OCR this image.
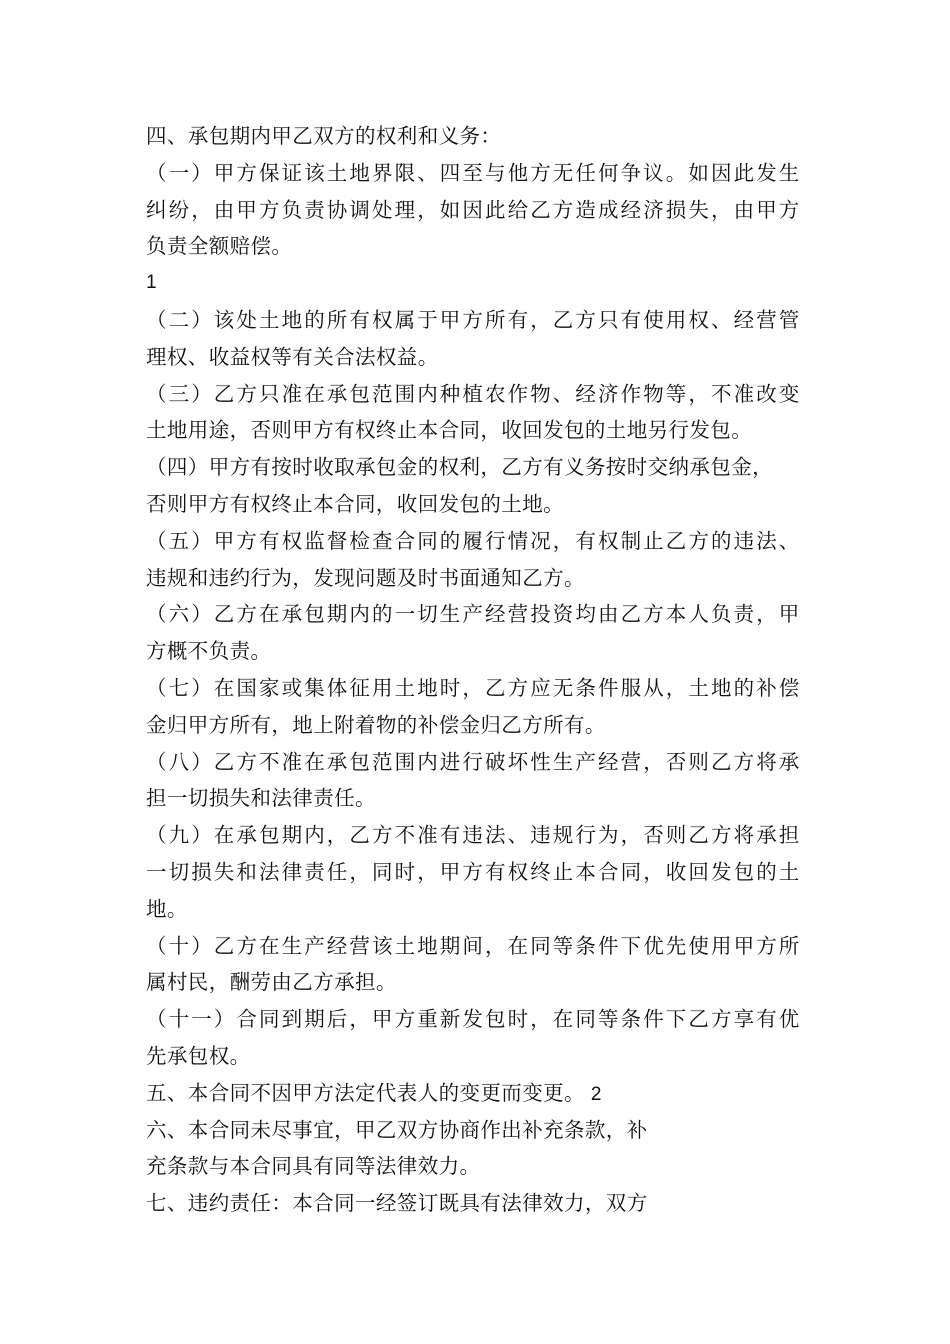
四、承包期内甲乙双方的权利和义务：
（一）甲方保证该土地界限、四至与他方无任何争议。如因此发生
纠纷，由甲方负责协调处理，如因此给乙方造成经济损失，由甲方
负责全额赔偿。
1
（二）该处土地的所有权属于甲方所有，乙方只有使用权、经营管
理权、收益权等有关合法权益。
（三）乙方只准在承包范围内种植农作物、经济作物等，不准改变
土地用途，否则甲方有权终止本合同，收回发包的土地另行发包。
（四）甲方有按时收取承包金的权利，乙方有义务按时交纳承包金，
否则甲方有权终止本合同，收回发包的土地。
（五）甲方有权监督检查合同的履行情况，有权制止乙方的违法、
违规和违约行为，发现问题及时书面通知乙方。
（六）乙方在承包期内的一切生产经营投资均由乙方本人负责，甲
方概不负责。
（七）在国家或集体征用土地时，乙方应无条件服从，土地的补偿
金归甲方所有，地上附着物的补偿金归乙方所有。
（八）乙方不准在承包范围内进行破坏性生产经营，否则乙方将承
担一切损失和法律责任。
（九）在承包期内，乙方不准有违法、违规行为，否则乙方将承担
一切损失和法律责任，同时，甲方有权终止本合同，收回发包的土
地。
（十）乙方在生产经营该土地期间，在同等条件下优先使用甲方所
属村民，酬劳由乙方承担。
（十一）合同到期后，甲方重新发包时，在同等条件下乙方享有优
先承包权。
五、本合同不因甲方法定代表人的变更而变更。 2
六、本合同未尽事宜，甲乙双方协商作出补充条款，补
充条款与本合同具有同等法律效力。
七、违约责任：本合同一经签订既具有法律效力，双方
